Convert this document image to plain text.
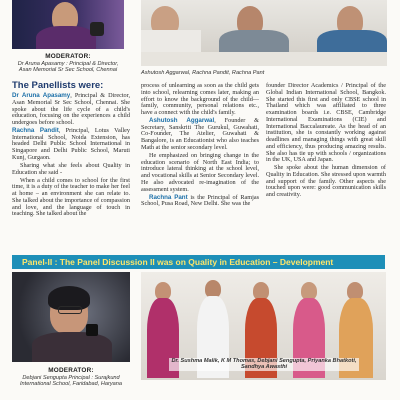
MODERATOR:
Dr Aruna Apasamy : Principal & Director, Asan Memorial Sr Sec School, Chennai	Ashutosh Aggarwal, Rachna Pandit, Rachna Pant
The Panellists were:

Dr Aruna Apasamy, Principal & Director, Asan Memorial Sr Sec School, Chennai. She spoke about the life cycle of a child's education, focusing on the experiences a child undergoes before school.

Rachna Pandit, Principal, Lotus Valley International School, Noida Extension, has headed Delhi Public School International in Singapore and Delhi Public School, Maruti Kunj, Gurgaon.

Sharing what she feels about Quality in Education she said -

When a child comes to school for the first time, it is a duty of the teacher to make her feel at home – an environment she can relate to. She talked about the importance of compassion and love, and the language of touch in teaching. She talked about the

process of unlearning as soon as the child gets into school, relearning comes later, making an effort to know the background of the child—family, community, personal relations etc., have a connect with the child's family.

Ashutosh Aggarwal, Founder & Secretary, Sanskriti The Gurukul, Guwahati, Co-Founder, The Atelier, Guwahati & Bangalore, is an Educationist who also teaches Math at the senior secondary level.

He emphasized on bringing change in the education scenario of North East India; to introduce lateral thinking at the school level, and vocational skills at Senior Secondary level. He also advocated re-imagination of the assessment system.

Rachna Pant is the Principal of Ramjas School, Pusa Road, New Delhi. She was the

founder Director Academics / Principal of the Global Indian International School, Bangkok. She started this first and only CBSE school in Thailand which was affiliated to three examination boards i.e. CBSE, Cambridge International Examinations (CIE) and International Baccalaureate. As the head of an institution, she is constantly working against deadlines and managing things with great skill and efficiency, thus producing amazing results. She also has tie up with schools / organizations in the UK, USA and Japan.

She spoke about the human dimension of Quality in Education. She stressed upon warmth and support of the family. Other aspects she touched upon were: good communication skills and creativity.

Panel-II : The Panel Discussion II was on Quality in Education – Development
MODERATOR:
Debjani Sengupta Principal : Surajkund International School, Faridabad, Haryana
Dr. Sushma Malik, K M Thomas, Debjani Sengupta, Priyanka Bhatkoti, Sandhya Awasthi
